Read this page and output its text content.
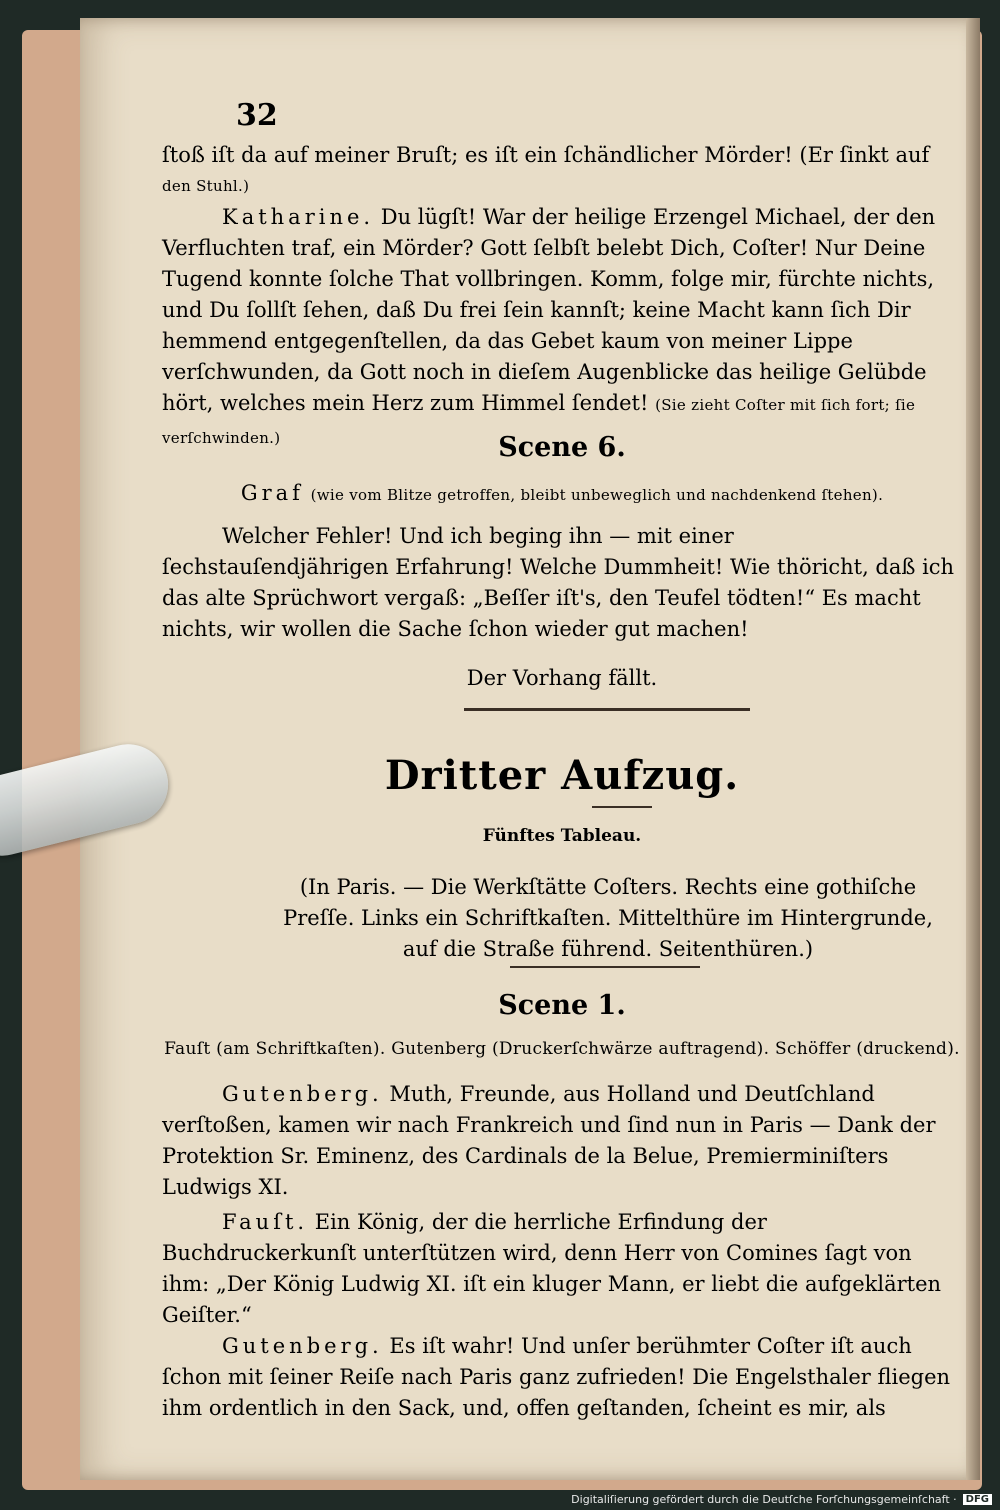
32
ſtoß iſt da auf meiner Bruſt; es iſt ein ſchändlicher Mörder! (Er ſinkt auf
den Stuhl.)
Katharine. Du lügſt! War der heilige Erzengel Michael, der den Verfluchten traf, ein Mörder? Gott ſelbſt belebt Dich, Coſter! Nur Deine Tugend konnte ſolche That vollbringen. Komm, folge mir, fürchte nichts, und Du ſollſt ſehen, daß Du frei ſein kannſt; keine Macht kann ſich Dir hemmend entgegenſtellen, da das Gebet kaum von meiner Lippe verſchwunden, da Gott noch in dieſem Augenblicke das heilige Gelübde hört, welches mein Herz zum Himmel ſendet! (Sie zieht Coſter mit ſich fort; ſie verſchwinden.)	Scene 6.
Graf (wie vom Blitze getroffen, bleibt unbeweglich und nachdenkend ſtehen).
Welcher Fehler! Und ich beging ihn — mit einer ſechstauſendjährigen Erfahrung! Welche Dummheit! Wie thöricht, daß ich das alte Sprüchwort vergaß: „Beſſer iſt's, den Teufel tödten!“ Es macht nichts, wir wollen die Sache ſchon wieder gut machen!
Der Vorhang fällt.
Dritter Aufzug.
Fünftes Tableau.
(In Paris. — Die Werkſtätte Coſters. Rechts eine gothiſche Preſſe. Links ein Schriftkaſten. Mittelthüre im Hintergrunde, auf die Straße führend. Seitenthüren.)
Scene 1.
Fauſt (am Schriftkaſten). Gutenberg (Druckerſchwärze auftragend). Schöffer (druckend).
Gutenberg. Muth, Freunde, aus Holland und Deutſchland verſtoßen, kamen wir nach Frankreich und ſind nun in Paris — Dank der Protektion Sr. Eminenz, des Cardinals de la Belue, Premierminiſters Ludwigs XI.
Fauſt. Ein König, der die herrliche Erfindung der Buchdruckerkunſt unterſtützen wird, denn Herr von Comines ſagt von ihm: „Der König Ludwig XI. iſt ein kluger Mann, er liebt die aufgeklärten Geiſter.“
Gutenberg. Es iſt wahr! Und unſer berühmter Coſter iſt auch ſchon mit ſeiner Reiſe nach Paris ganz zufrieden! Die Engelsthaler fliegen ihm ordentlich in den Sack, und, offen geſtanden, ſcheint es mir, als
Digitaliſierung gefördert durch die Deutſche Forſchungsgemeinſchaft · DFG
